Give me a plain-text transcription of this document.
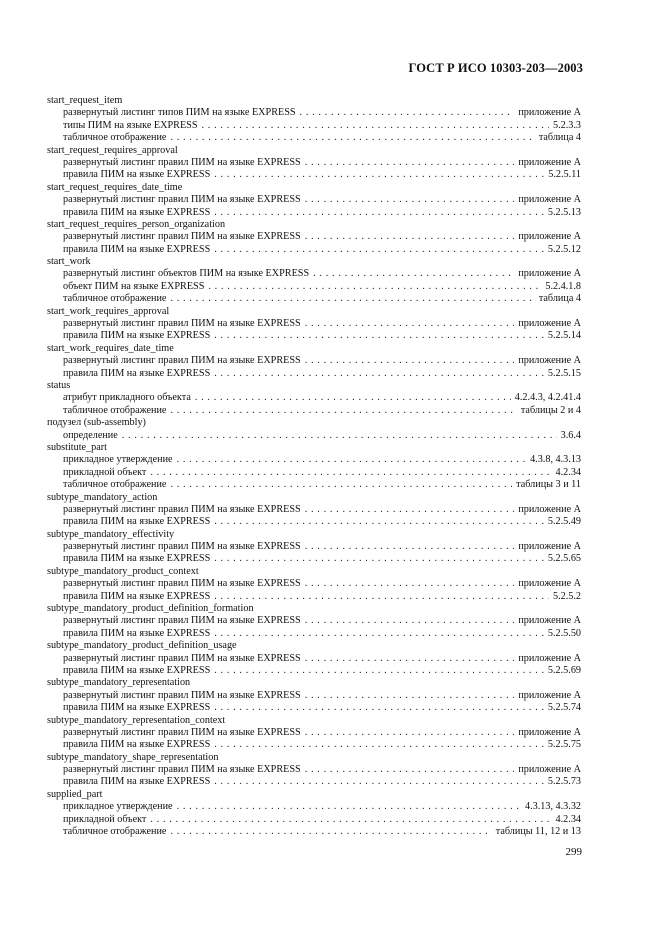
ГОСТ Р ИСО 10303-203—2003
start_request_item
развернутый листинг типов ПИМ на языке EXPRESS . . .	приложение А
типы ПИМ на языке EXPRESS . . .	5.2.3.3
табличное отображение . . .	таблица 4
start_request_requires_approval
развернутый листинг правил ПИМ на языке EXPRESS . . .	приложение А
правила ПИМ на языке EXPRESS . . .	5.2.5.11
start_request_requires_date_time
развернутый листинг правил ПИМ на языке EXPRESS . . .	приложение А
правила ПИМ на языке EXPRESS . . .	5.2.5.13
start_request_requires_person_organization
развернутый листинг правил ПИМ на языке EXPRESS . . .	приложение А
правила ПИМ на языке EXPRESS . . .	5.2.5.12
start_work
развернутый листинг объектов ПИМ на языке EXPRESS . . .	приложение А
объект ПИМ на языке EXPRESS . . .	5.2.4.1.8
табличное отображение . . .	таблица 4
start_work_requires_approval
развернутый листинг правил ПИМ на языке EXPRESS . . .	приложение А
правила ПИМ на языке EXPRESS . . .	5.2.5.14
start_work_requires_date_time
развернутый листинг правил ПИМ на языке EXPRESS . . .	приложение А
правила ПИМ на языке EXPRESS . . .	5.2.5.15
status
атрибут прикладного объекта . . .	4.2.4.3, 4.2.41.4
табличное отображение . . .	таблицы 2 и 4
подузел (sub-assembly)
определение . . .	3.6.4
substitute_part
прикладное утверждение . . .	4.3.8, 4.3.13
прикладной объект . . .	4.2.34
табличное отображение . . .	таблицы 3 и 11
subtype_mandatory_action
развернутый листинг правил ПИМ на языке EXPRESS . . .	приложение А
правила ПИМ на языке EXPRESS . . .	5.2.5.49
subtype_mandatory_effectivity
развернутый листинг правил ПИМ на языке EXPRESS . . .	приложение А
правила ПИМ на языке EXPRESS . . .	5.2.5.65
subtype_mandatory_product_context
развернутый листинг правил ПИМ на языке EXPRESS . . .	приложение А
правила ПИМ на языке EXPRESS . . .	5.2.5.2
subtype_mandatory_product_definition_formation
развернутый листинг правил ПИМ на языке EXPRESS . . .	приложение А
правила ПИМ на языке EXPRESS . . .	5.2.5.50
subtype_mandatory_product_definition_usage
развернутый листинг правил ПИМ на языке EXPRESS . . .	приложение А
правила ПИМ на языке EXPRESS . . .	5.2.5.69
subtype_mandatory_representation
развернутый листинг правил ПИМ на языке EXPRESS . . .	приложение А
правила ПИМ на языке EXPRESS . . .	5.2.5.74
subtype_mandatory_representation_context
развернутый листинг правил ПИМ на языке EXPRESS . . .	приложение А
правила ПИМ на языке EXPRESS . . .	5.2.5.75
subtype_mandatory_shape_representation
развернутый листинг правил ПИМ на языке EXPRESS . . .	приложение А
правила ПИМ на языке EXPRESS . . .	5.2.5.73
supplied_part
прикладное утверждение . . .	4.3.13, 4.3.32
прикладной объект . . .	4.2.34
табличное отображение . . .	таблицы 11, 12 и 13
299
